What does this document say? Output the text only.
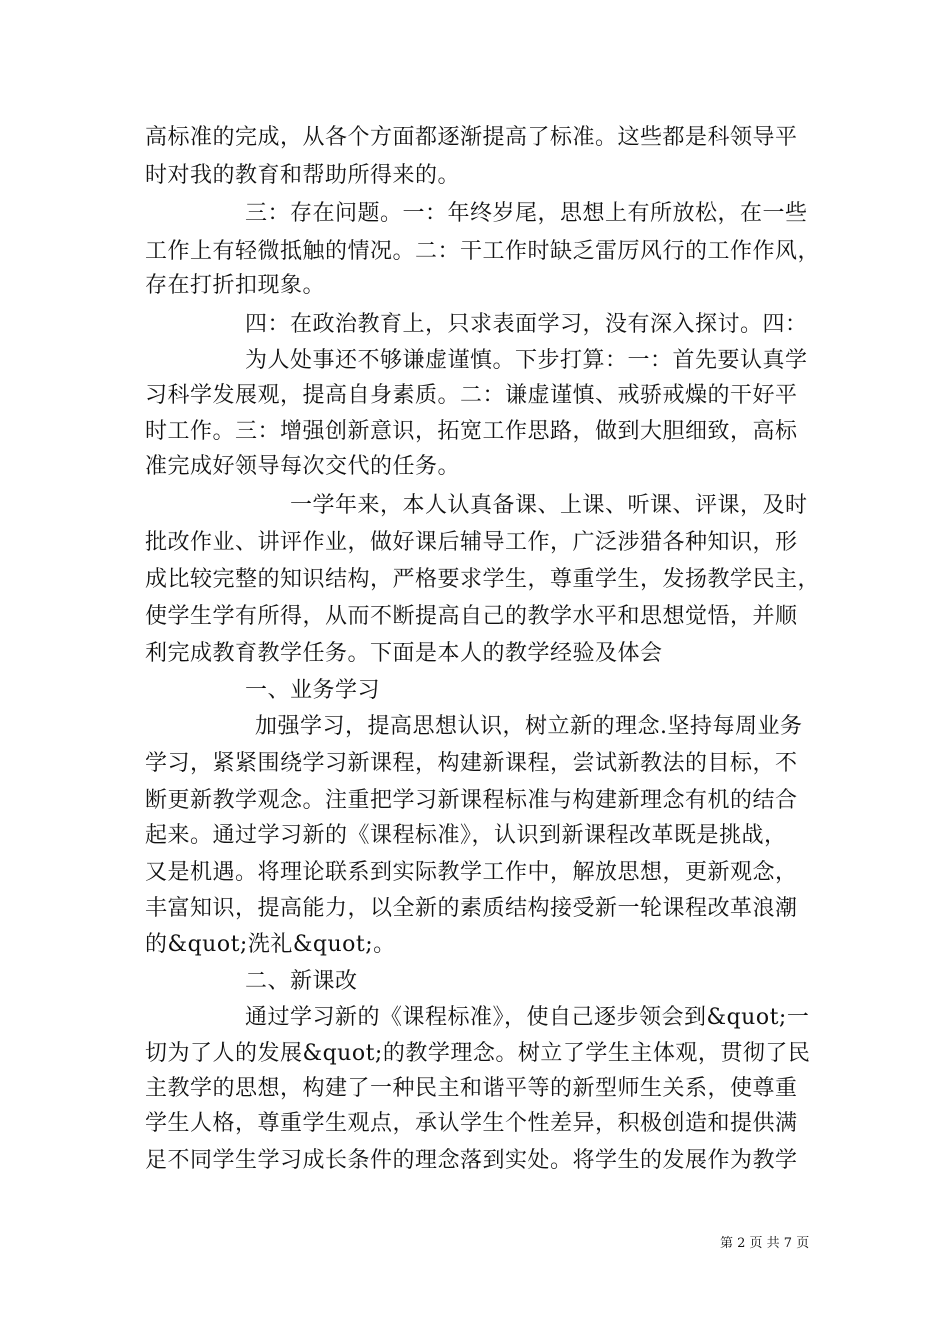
高标准的完成，从各个方面都逐渐提高了标准。这些都是科领导平
时对我的教育和帮助所得来的。
三：存在问题。一：年终岁尾，思想上有所放松，在一些
工作上有轻微抵触的情况。二：干工作时缺乏雷厉风行的工作作风，
存在打折扣现象。
四：在政治教育上，只求表面学习，没有深入探讨。四：
为人处事还不够谦虚谨慎。下步打算：一：首先要认真学
习科学发展观，提高自身素质。二：谦虚谨慎、戒骄戒燥的干好平
时工作。三：增强创新意识，拓宽工作思路，做到大胆细致，高标
准完成好领导每次交代的任务。
一学年来，本人认真备课、上课、听课、评课，及时
批改作业、讲评作业，做好课后辅导工作，广泛涉猎各种知识，形
成比较完整的知识结构，严格要求学生，尊重学生，发扬教学民主，
使学生学有所得，从而不断提高自己的教学水平和思想觉悟，并顺
利完成教育教学任务。下面是本人的教学经验及体会
一、业务学习
加强学习，提高思想认识，树立新的理念.坚持每周业务
学习，紧紧围绕学习新课程，构建新课程，尝试新教法的目标，不
断更新教学观念。注重把学习新课程标准与构建新理念有机的结合
起来。通过学习新的《课程标准》，认识到新课程改革既是挑战，
又是机遇。将理论联系到实际教学工作中，解放思想，更新观念，
丰富知识，提高能力，以全新的素质结构接受新一轮课程改革浪潮
的&quot;洗礼&quot;。
二、新课改
通过学习新的《课程标准》，使自己逐步领会到&quot;一
切为了人的发展&quot;的教学理念。树立了学生主体观，贯彻了民
主教学的思想，构建了一种民主和谐平等的新型师生关系，使尊重
学生人格，尊重学生观点，承认学生个性差异，积极创造和提供满
足不同学生学习成长条件的理念落到实处。将学生的发展作为教学
第 2 页 共 7 页
